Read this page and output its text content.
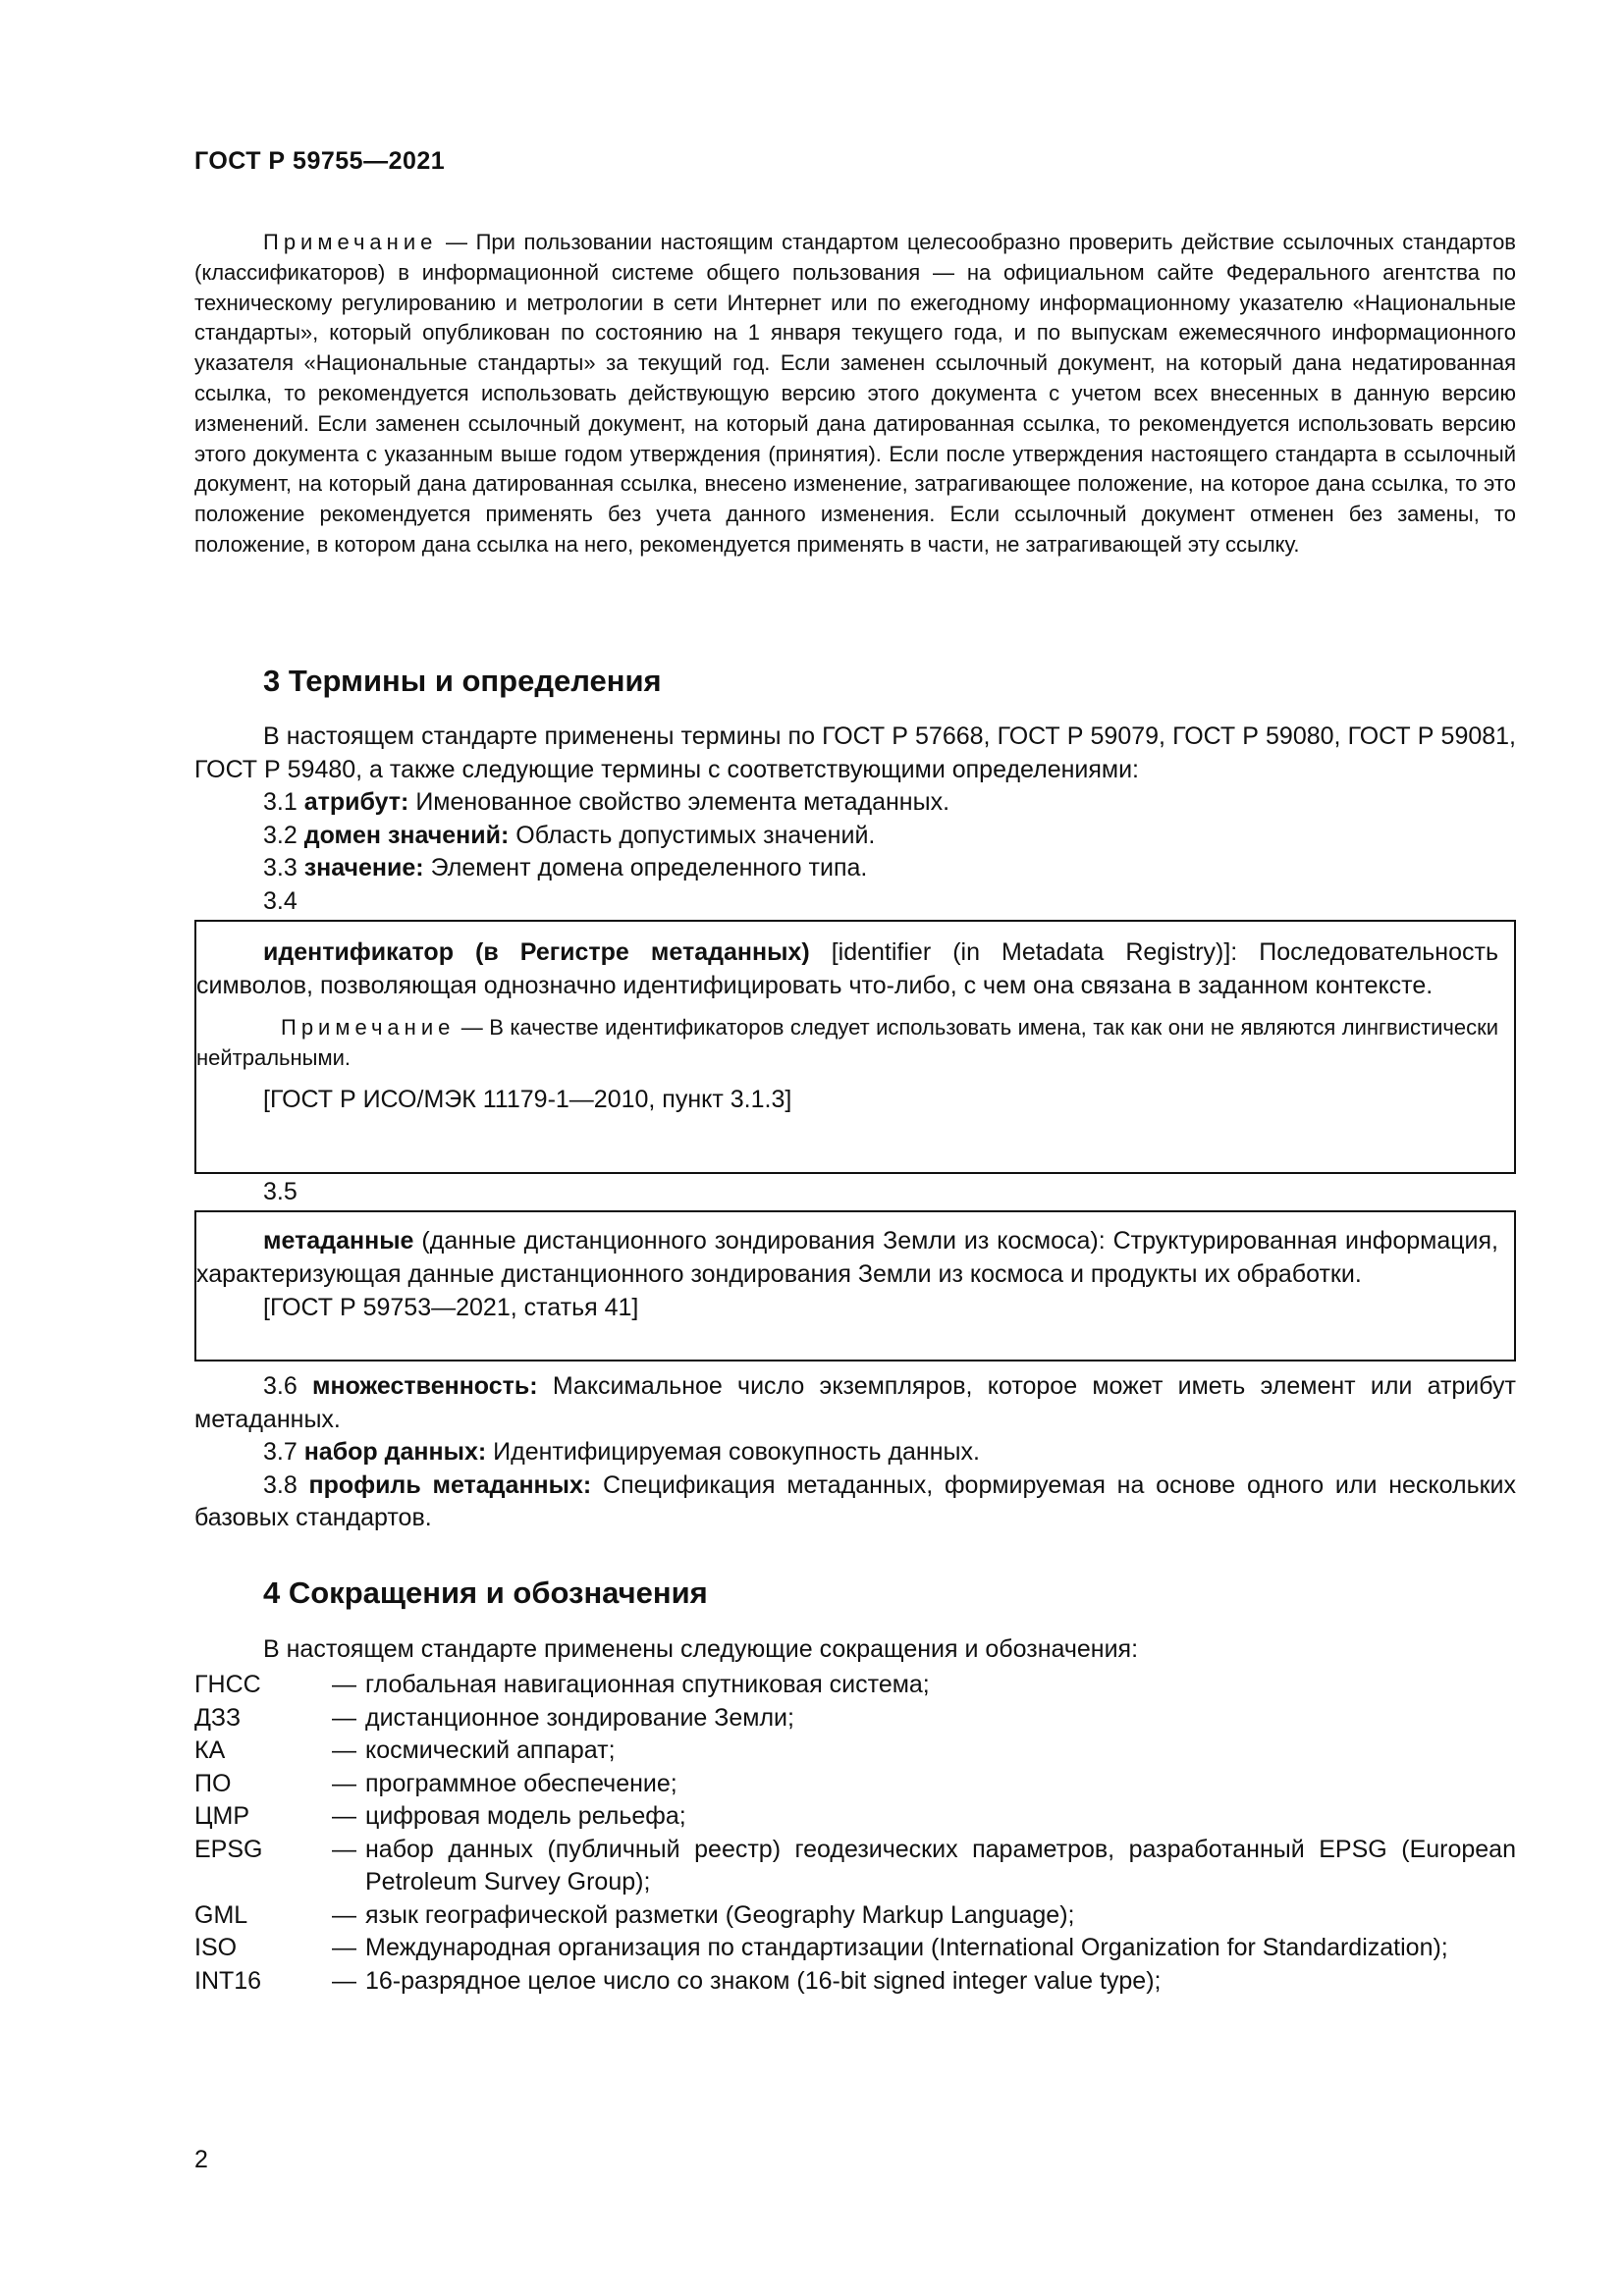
ГОСТ Р 59755—2021

Примечание — При пользовании настоящим стандартом целесообразно проверить действие ссылочных стандартов (классификаторов) в информационной системе общего пользования — на официальном сайте Федерального агентства по техническому регулированию и метрологии в сети Интернет или по ежегодному информационному указателю «Национальные стандарты», который опубликован по состоянию на 1 января текущего года, и по выпускам ежемесячного информационного указателя «Национальные стандарты» за текущий год. Если заменен ссылочный документ, на который дана недатированная ссылка, то рекомендуется использовать действующую версию этого документа с учетом всех внесенных в данную версию изменений. Если заменен ссылочный документ, на который дана датированная ссылка, то рекомендуется использовать версию этого документа с указанным выше годом утверждения (принятия). Если после утверждения настоящего стандарта в ссылочный документ, на который дана датированная ссылка, внесено изменение, затрагивающее положение, на которое дана ссылка, то это положение рекомендуется применять без учета данного изменения. Если ссылочный документ отменен без замены, то положение, в котором дана ссылка на него, рекомендуется применять в части, не затрагивающей эту ссылку.

3 Термины и определения

В настоящем стандарте применены термины по ГОСТ Р 57668, ГОСТ Р 59079, ГОСТ Р 59080, ГОСТ Р 59081, ГОСТ Р 59480, а также следующие термины с соответствующими определениями:

3.1 атрибут: Именованное свойство элемента метаданных.

3.2 домен значений: Область допустимых значений.

3.3 значение: Элемент домена определенного типа.

3.4

идентификатор (в Регистре метаданных) [identifier (in Metadata Registry)]: Последовательность символов, позволяющая однозначно идентифицировать что-либо, с чем она связана в заданном контексте.

Примечание — В качестве идентификаторов следует использовать имена, так как они не являются лингвистически нейтральными.

[ГОСТ Р ИСО/МЭК 11179-1—2010, пункт 3.1.3]

3.5

метаданные (данные дистанционного зондирования Земли из космоса): Структурированная информация, характеризующая данные дистанционного зондирования Земли из космоса и продукты их обработки.

[ГОСТ Р 59753—2021, статья 41]

3.6 множественность: Максимальное число экземпляров, которое может иметь элемент или атрибут метаданных.

3.7 набор данных: Идентифицируемая совокупность данных.

3.8 профиль метаданных: Спецификация метаданных, формируемая на основе одного или нескольких базовых стандартов.

4 Сокращения и обозначения

В настоящем стандарте применены следующие сокращения и обозначения:

ГНСС	— глобальная навигационная спутниковая система;
ДЗЗ	— дистанционное зондирование Земли;
КА	— космический аппарат;
ПО	— программное обеспечение;
ЦМР	— цифровая модель рельефа;
EPSG	— набор данных (публичный реестр) геодезических параметров, разработанный EPSG (European Petroleum Survey Group);
GML	— язык географической разметки (Geography Markup Language);
ISO	— Международная организация по стандартизации (International Organization for Standardization);
INT16	— 16-разрядное целое число со знаком (16-bit signed integer value type);
2
